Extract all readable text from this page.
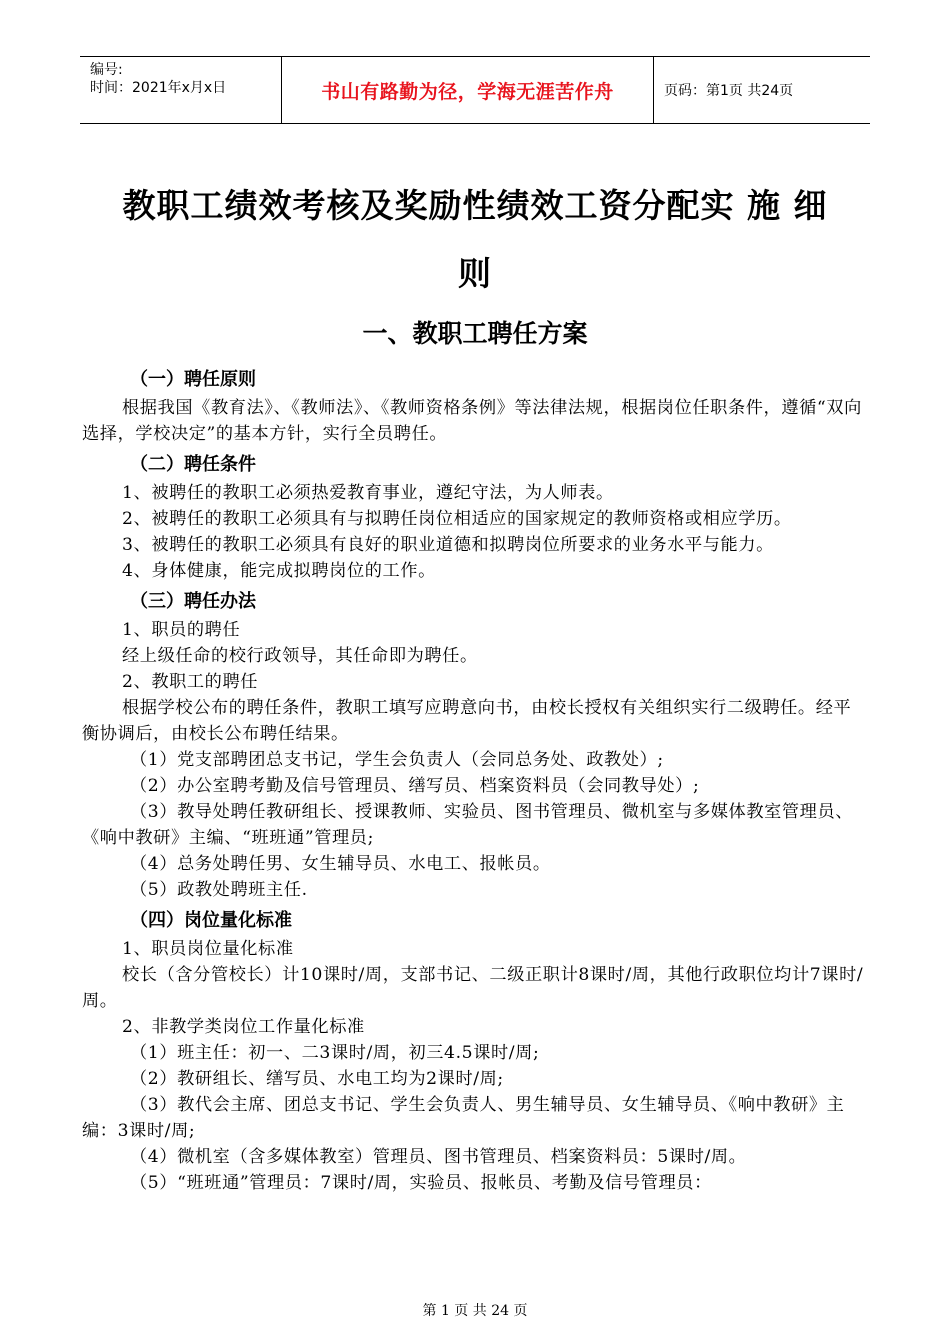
编号:
时间：2021年x月x日	书山有路勤为径，学海无涯苦作舟	页码：第1页 共24页
教职工绩效考核及奖励性绩效工资分配实 施 细
则
一、教职工聘任方案
（一）聘任原则

根据我国《教育法》、《教师法》、《教师资格条例》等法律法规，根据岗位任职条件，遵循“双向选择，学校决定”的基本方针，实行全员聘任。

（二）聘任条件

1、被聘任的教职工必须热爱教育事业，遵纪守法，为人师表。

2、被聘任的教职工必须具有与拟聘任岗位相适应的国家规定的教师资格或相应学历。

3、被聘任的教职工必须具有良好的职业道德和拟聘岗位所要求的业务水平与能力。

4、身体健康，能完成拟聘岗位的工作。

（三）聘任办法

1、职员的聘任

经上级任命的校行政领导，其任命即为聘任。

2、教职工的聘任

根据学校公布的聘任条件，教职工填写应聘意向书，由校长授权有关组织实行二级聘任。经平衡协调后，由校长公布聘任结果。

（1）党支部聘团总支书记，学生会负责人（会同总务处、政教处）;

（2）办公室聘考勤及信号管理员、缮写员、档案资料员（会同教导处）;

（3）教导处聘任教研组长、授课教师、实验员、图书管理员、微机室与多媒体教室管理员、《响中教研》主编、“班班通”管理员;

（4）总务处聘任男、女生辅导员、水电工、报帐员。

（5）政教处聘班主任.

（四）岗位量化标准

1、职员岗位量化标准

校长（含分管校长）计10课时/周，支部书记、二级正职计8课时/周，其他行政职位均计7课时/周。

2、非教学类岗位工作量化标准

（1）班主任：初一、二3课时/周，初三4.5课时/周;

（2）教研组长、缮写员、水电工均为2课时/周;

（3）教代会主席、团总支书记、学生会负责人、男生辅导员、女生辅导员、《响中教研》主编：3课时/周;

（4）微机室（含多媒体教室）管理员、图书管理员、档案资料员：5课时/周。

（5）“班班通”管理员：7课时/周，实验员、报帐员、考勤及信号管理员：

第 1 页 共 24 页
